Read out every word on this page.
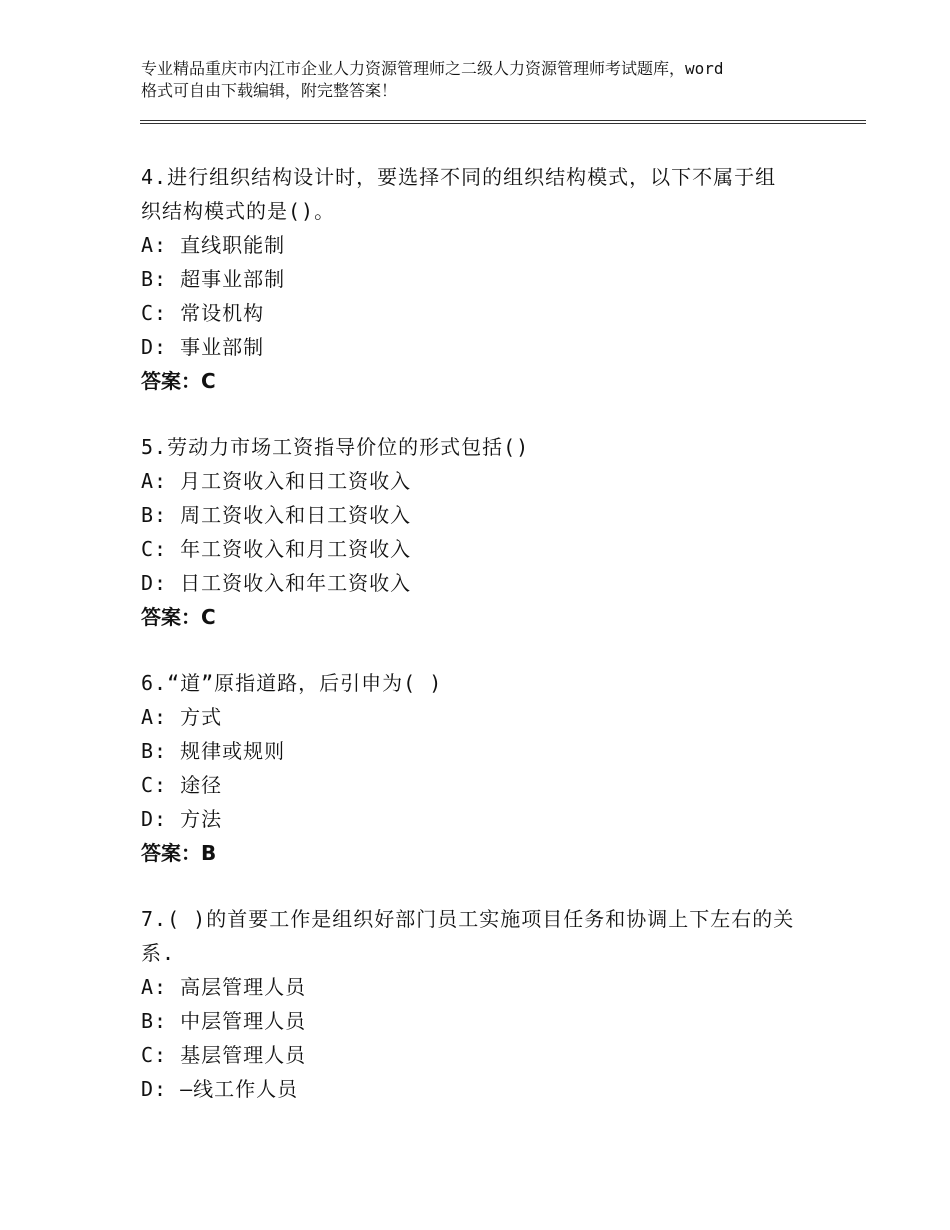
专业精品重庆市内江市企业人力资源管理师之二级人力资源管理师考试题库，word
格式可自由下载编辑，附完整答案！
4.进行组织结构设计时，要选择不同的组织结构模式，以下不属于组
织结构模式的是()。
A: 直线职能制
B: 超事业部制
C: 常设机构
D: 事业部制
答案：C
5.劳动力市场工资指导价位的形式包括()
A: 月工资收入和日工资收入
B: 周工资收入和日工资收入
C: 年工资收入和月工资收入
D: 日工资收入和年工资收入
答案：C
6.“道”原指道路，后引申为( )
A: 方式
B: 规律或规则
C: 途径
D: 方法
答案：B
7.( )的首要工作是组织好部门员工实施项目任务和协调上下左右的关
系.
A: 高层管理人员
B: 中层管理人员
C: 基层管理人员
D: —线工作人员
